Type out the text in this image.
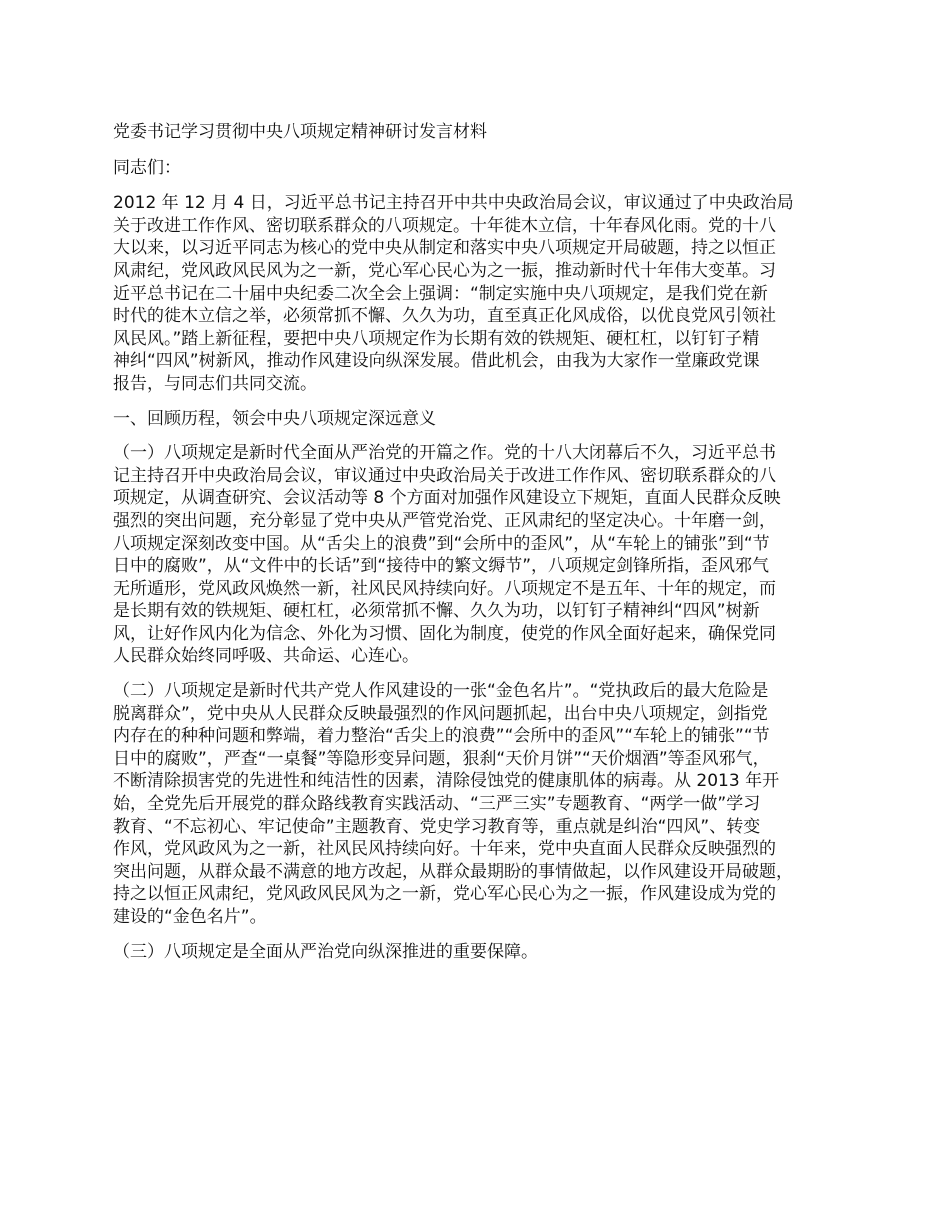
党委书记学习贯彻中央八项规定精神研讨发言材料

同志们：

2012 年 12 月 4 日，习近平总书记主持召开中共中央政治局会议，审议通过了中央政治局
关于改进工作作风、密切联系群众的八项规定。十年徙木立信，十年春风化雨。党的十八
大以来，以习近平同志为核心的党中央从制定和落实中央八项规定开局破题，持之以恒正
风肃纪，党风政风民风为之一新，党心军心民心为之一振，推动新时代十年伟大变革。习
近平总书记在二十届中央纪委二次全会上强调：“制定实施中央八项规定，是我们党在新
时代的徙木立信之举，必须常抓不懈、久久为功，直至真正化风成俗，以优良党风引领社
风民风。”踏上新征程，要把中央八项规定作为长期有效的铁规矩、硬杠杠，以钉钉子精
神纠“四风”树新风，推动作风建设向纵深发展。借此机会，由我为大家作一堂廉政党课
报告，与同志们共同交流。

一、回顾历程，领会中央八项规定深远意义

（一）八项规定是新时代全面从严治党的开篇之作。党的十八大闭幕后不久，习近平总书
记主持召开中央政治局会议，审议通过中央政治局关于改进工作作风、密切联系群众的八
项规定，从调查研究、会议活动等 8 个方面对加强作风建设立下规矩，直面人民群众反映
强烈的突出问题，充分彰显了党中央从严管党治党、正风肃纪的坚定决心。十年磨一剑，
八项规定深刻改变中国。从“舌尖上的浪费”到“会所中的歪风”，从“车轮上的铺张”到“节
日中的腐败”，从“文件中的长话”到“接待中的繁文缛节”，八项规定剑锋所指，歪风邪气
无所遁形，党风政风焕然一新，社风民风持续向好。八项规定不是五年、十年的规定，而
是长期有效的铁规矩、硬杠杠，必须常抓不懈、久久为功，以钉钉子精神纠“四风”树新
风，让好作风内化为信念、外化为习惯、固化为制度，使党的作风全面好起来，确保党同
人民群众始终同呼吸、共命运、心连心。
（二）八项规定是新时代共产党人作风建设的一张“金色名片”。“党执政后的最大危险是
脱离群众”，党中央从人民群众反映最强烈的作风问题抓起，出台中央八项规定，剑指党
内存在的种种问题和弊端，着力整治“舌尖上的浪费”“会所中的歪风”“车轮上的铺张”“节
日中的腐败”，严查“一桌餐”等隐形变异问题，狠刹“天价月饼”“天价烟酒”等歪风邪气，
不断清除损害党的先进性和纯洁性的因素，清除侵蚀党的健康肌体的病毒。从 2013 年开
始，全党先后开展党的群众路线教育实践活动、“三严三实”专题教育、“两学一做”学习
教育、“不忘初心、牢记使命”主题教育、党史学习教育等，重点就是纠治“四风”、转变
作风，党风政风为之一新，社风民风持续向好。十年来，党中央直面人民群众反映强烈的
突出问题，从群众最不满意的地方改起，从群众最期盼的事情做起，以作风建设开局破题，
持之以恒正风肃纪，党风政风民风为之一新，党心军心民心为之一振，作风建设成为党的
建设的“金色名片”。

（三）八项规定是全面从严治党向纵深推进的重要保障。
